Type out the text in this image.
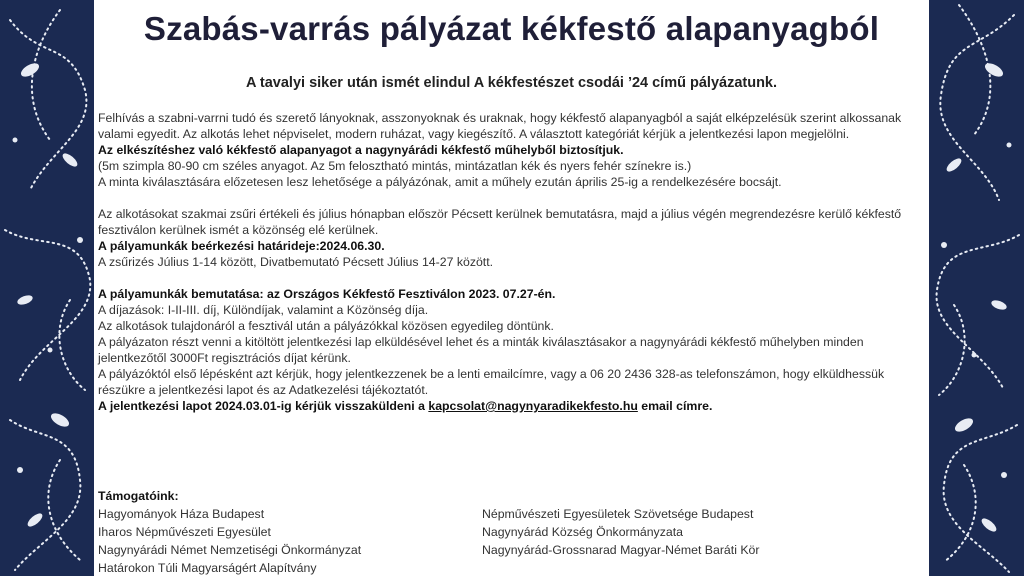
Szabás-varrás pályázat kékfestő alapanyagból
A tavalyi siker után ismét elindul A kékfestészet csodái ’24 című pályázatunk.

Felhívás a szabni-varrni tudó és szerető lányoknak, asszonyoknak és uraknak, hogy kékfestő alapanyagból a saját elképzelésük szerint alkossanak valami egyedit. Az alkotás lehet népviselet, modern ruházat, vagy kiegészítő. A választott kategóriát kérjük a jelentkezési lapon megjelölni.

Az elkészítéshez való kékfestő alapanyagot a nagynyárádi kékfestő műhelyből biztosítjuk.

(5m szimpla 80-90 cm széles anyagot. Az 5m felosztható mintás, mintázatlan kék és nyers fehér színekre is.)

A minta kiválasztására előzetesen lesz lehetősége a pályázónak, amit a műhely ezután április 25-ig a rendelkezésére bocsájt.

Az alkotásokat szakmai zsűri értékeli és július hónapban először Pécsett kerülnek bemutatásra, majd a július végén megrendezésre kerülő kékfestő fesztiválon kerülnek ismét a közönség elé kerülnek.

A pályamunkák beérkezési határideje:2024.06.30.

A zsűrizés Július 1-14 között, Divatbemutató Pécsett Július 14-27 között.

A pályamunkák bemutatása: az Országos Kékfestő Fesztiválon 2023. 07.27-én.

A díjazások: I-II-III. díj, Különdíjak, valamint a Közönség díja.

Az alkotások tulajdonáról a fesztivál után a pályázókkal közösen egyedileg döntünk.

A pályázaton részt venni a kitöltött jelentkezési lap elküldésével lehet és a minták kiválasztásakor a nagynyárádi kékfestő műhelyben minden jelentkezőtől 3000Ft regisztrációs díjat kérünk.

A pályázóktól első lépésként azt kérjük, hogy jelentkezzenek be a lenti emailcímre, vagy a 06 20 2436 328-as telefonszámon, hogy elküldhessük részükre a jelentkezési lapot és az Adatkezelési tájékoztatót.

A jelentkezési lapot 2024.03.01-ig kérjük visszaküldeni a kapcsolat@nagynyaradikekfesto.hu email címre.

Támogatóink:
Hagyományok Háza Budapest
Iharos Népművészeti Egyesület
Nagynyárádi Német Nemzetiségi Önkormányzat
Határokon Túli Magyarságért Alapítvány
Népművészeti Egyesületek Szövetsége Budapest
Nagynyárád Község Önkormányzata
Nagynyárád-Grossnarad Magyar-Német Baráti Kör
